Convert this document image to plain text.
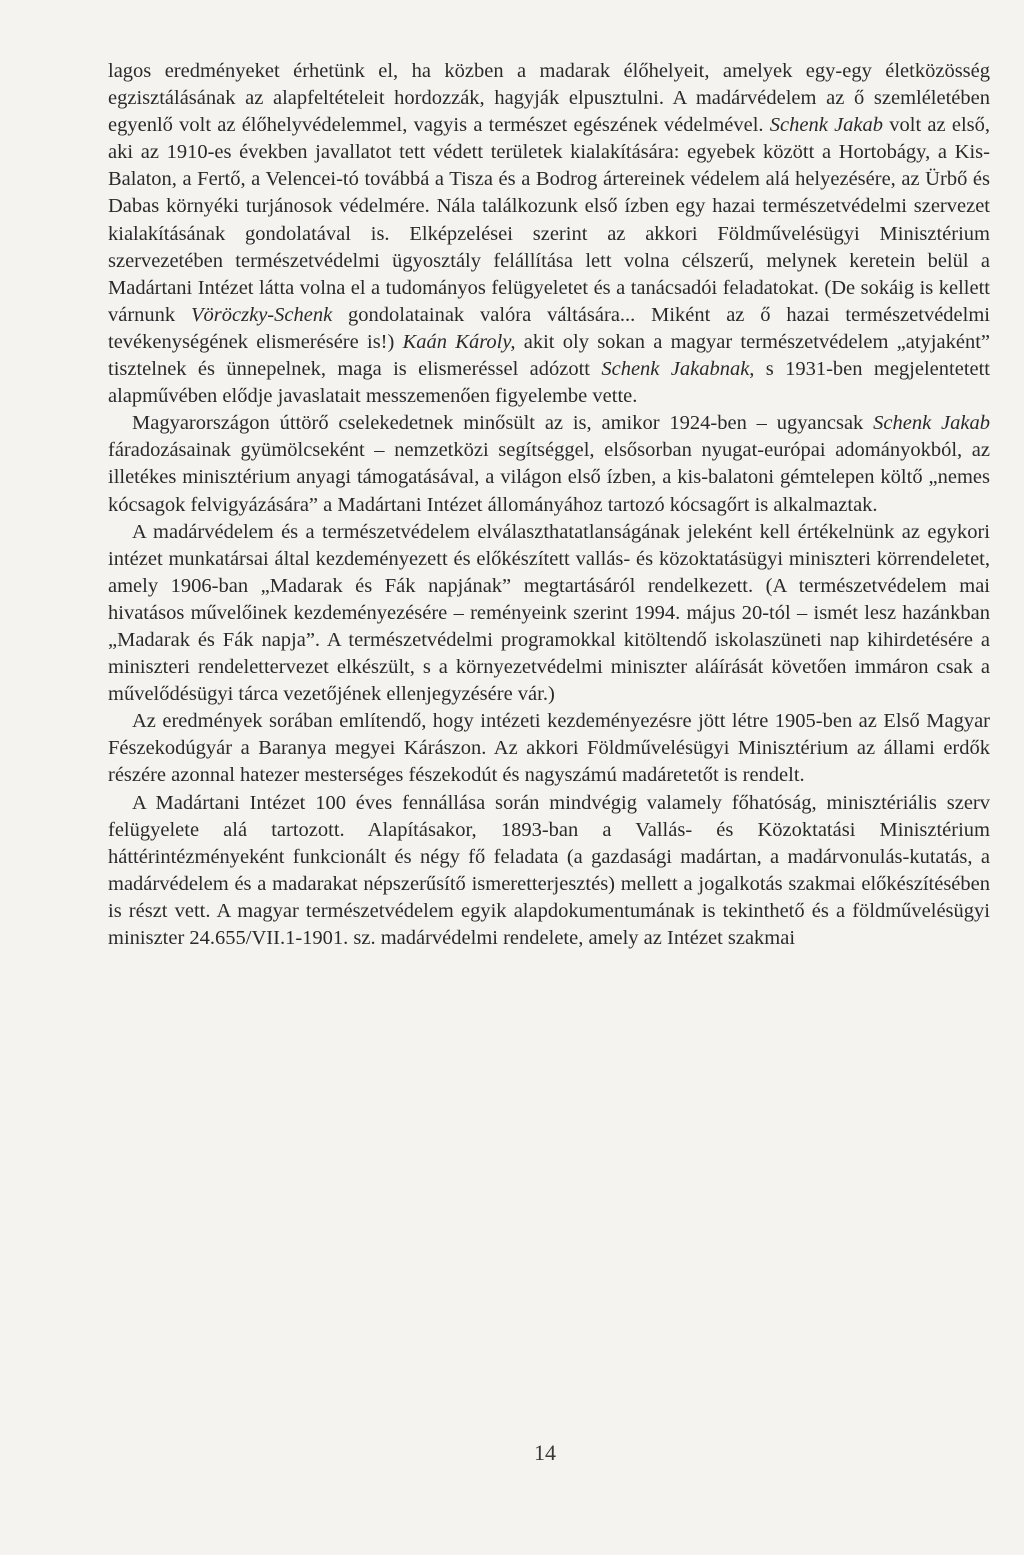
lagos eredményeket érhetünk el, ha közben a madarak élőhelyeit, amelyek egy-egy életközösség egzisztálásának az alapfeltételeit hordozzák, hagyják elpusztulni. A madárvédelem az ő szemléletében egyenlő volt az élőhelyvédelemmel, vagyis a természet egészének védelmével. Schenk Jakab volt az első, aki az 1910-es években javallatot tett védett területek kialakítására: egyebek között a Hortobágy, a Kis-Balaton, a Fertő, a Velencei-tó továbbá a Tisza és a Bodrog ártereinek védelem alá helyezésére, az Ürbő és Dabas környéki turjánosok védelmére. Nála találkozunk első ízben egy hazai természetvédelmi szervezet kialakításának gondolatával is. Elképzelései szerint az akkori Földművelésügyi Minisztérium szervezetében természetvédelmi ügyosztály felállítása lett volna célszerű, melynek keretein belül a Madártani Intézet látta volna el a tudományos felügyeletet és a tanácsadói feladatokat. (De sokáig is kellett várnunk Vöröczky-Schenk gondolatainak valóra váltására... Miként az ő hazai természetvédelmi tevékenységének elismerésére is!) Kaán Károly, akit oly sokan a magyar természetvédelem „atyjaként” tisztelnek és ünnepelnek, maga is elismeréssel adózott Schenk Jakabnak, s 1931-ben megjelentetett alapművében elődje javaslatait messzemenően figyelembe vette.

Magyarországon úttörő cselekedetnek minősült az is, amikor 1924-ben – ugyancsak Schenk Jakab fáradozásainak gyümölcseként – nemzetközi segítséggel, elsősorban nyugat-európai adományokból, az illetékes minisztérium anyagi támogatásával, a világon első ízben, a kis-balatoni gémtelepen költő „nemes kócsagok felvigyázására” a Madártani Intézet állományához tartozó kócsagőrt is alkalmaztak.

A madárvédelem és a természetvédelem elválaszthatatlanságának jeleként kell értékelnünk az egykori intézet munkatársai által kezdeményezett és előkészített vallás- és közoktatásügyi miniszteri körrendeletet, amely 1906-ban „Madarak és Fák napjának” megtartásáról rendelkezett. (A természetvédelem mai hivatásos művelőinek kezdeményezésére – reményeink szerint 1994. május 20-tól – ismét lesz hazánkban „Madarak és Fák napja”. A természetvédelmi programokkal kitöltendő iskolaszüneti nap kihirdetésére a miniszteri rendelettervezet elkészült, s a környezetvédelmi miniszter aláírását követően immáron csak a művelődésügyi tárca vezetőjének ellenjegyzésére vár.)

Az eredmények sorában említendő, hogy intézeti kezdeményezésre jött létre 1905-ben az Első Magyar Fészekodúgyár a Baranya megyei Kárászon. Az akkori Földművelésügyi Minisztérium az állami erdők részére azonnal hatezer mesterséges fészekodút és nagyszámú madáretetőt is rendelt.

A Madártani Intézet 100 éves fennállása során mindvégig valamely főhatóság, minisztériális szerv felügyelete alá tartozott. Alapításakor, 1893-ban a Vallás- és Közoktatási Minisztérium háttérintézményeként funkcionált és négy fő feladata (a gazdasági madártan, a madárvonulás-kutatás, a madárvédelem és a madarakat népszerűsítő ismeretterjesztés) mellett a jogalkotás szakmai előkészítésében is részt vett. A magyar természetvédelem egyik alapdokumentumának is tekinthető és a földművelésügyi miniszter 24.655/VII.1-1901. sz. madárvédelmi rendelete, amely az Intézet szakmai

14
